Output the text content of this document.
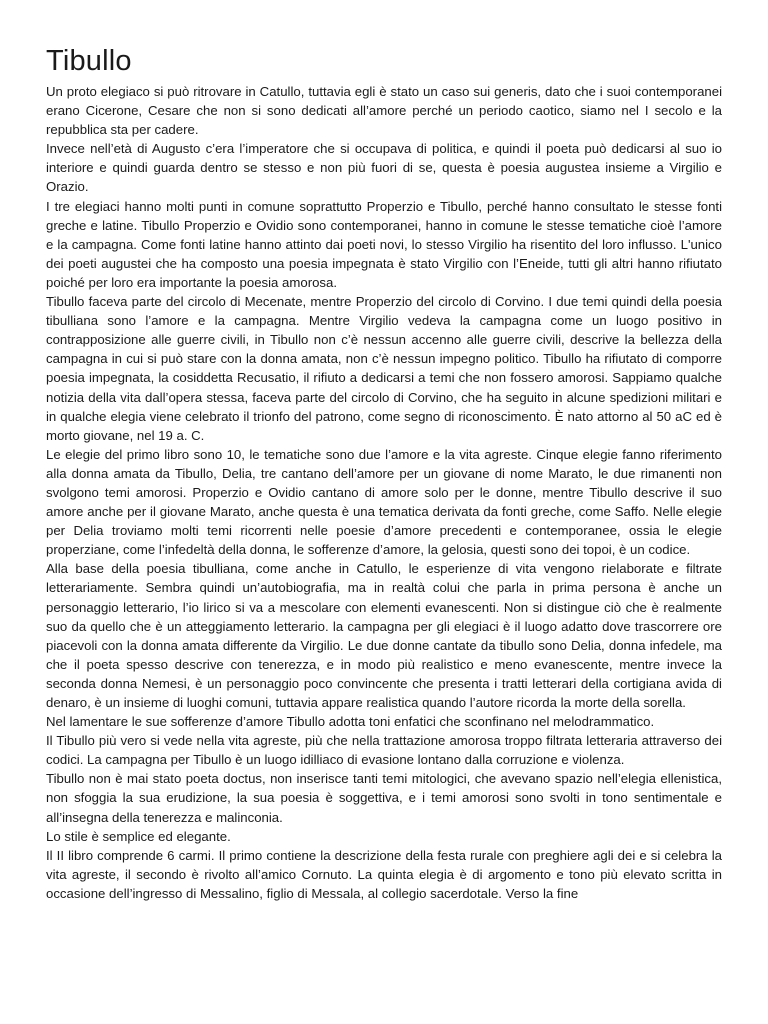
Tibullo

Un proto elegiaco si può ritrovare in Catullo, tuttavia egli è stato un caso sui generis, dato che i suoi contemporanei erano Cicerone, Cesare che non si sono dedicati all’amore perché un periodo caotico, siamo nel I secolo e la repubblica sta per cadere.

Invece nell’età di Augusto c’era l’imperatore che si occupava di politica, e quindi il poeta può dedicarsi al suo io interiore e quindi guarda dentro se stesso e non più fuori di se, questa è poesia augustea insieme a Virgilio e Orazio.

I tre elegiaci hanno molti punti in comune soprattutto Properzio e Tibullo, perché hanno consultato le stesse fonti greche e latine. Tibullo Properzio e Ovidio sono contemporanei, hanno in comune le stesse tematiche cioè l’amore e la campagna. Come fonti latine hanno attinto dai poeti novi, lo stesso Virgilio ha risentito del loro influsso. L'unico dei poeti augustei che ha composto una poesia impegnata è stato Virgilio con l’Eneide, tutti gli altri hanno rifiutato poiché per loro era importante la poesia amorosa.

Tibullo faceva parte del circolo di Mecenate, mentre Properzio del circolo di Corvino. I due temi quindi della poesia tibulliana sono l’amore e la campagna. Mentre Virgilio vedeva la campagna come un luogo positivo in contrapposizione alle guerre civili, in Tibullo non c’è nessun accenno alle guerre civili, descrive la bellezza della campagna in cui si può stare con la donna amata, non c’è nessun impegno politico. Tibullo ha rifiutato di comporre poesia impegnata, la cosiddetta Recusatio, il rifiuto a dedicarsi a temi che non fossero amorosi. Sappiamo qualche notizia della vita dall’opera stessa, faceva parte del circolo di Corvino, che ha seguito in alcune spedizioni militari e in qualche elegia viene celebrato il trionfo del patrono, come segno di riconoscimento. È nato attorno al 50 aC ed è morto giovane, nel 19 a. C.

Le elegie del primo libro sono 10, le tematiche sono due l’amore e la vita agreste. Cinque elegie fanno riferimento alla donna amata da Tibullo, Delia, tre cantano dell’amore per un giovane di nome Marato, le due rimanenti non svolgono temi amorosi. Properzio e Ovidio cantano di amore solo per le donne, mentre Tibullo descrive il suo amore anche per il giovane Marato, anche questa è una tematica derivata da fonti greche, come Saffo. Nelle elegie per Delia troviamo molti temi ricorrenti nelle poesie d’amore precedenti e contemporanee, ossia le elegie properziane, come l’infedeltà della donna, le sofferenze d’amore, la gelosia, questi sono dei topoi, è un codice.

Alla base della poesia tibulliana, come anche in Catullo, le esperienze di vita vengono rielaborate e filtrate letterariamente. Sembra quindi un’autobiografia, ma in realtà colui che parla in prima persona è anche un personaggio letterario, l’io lirico si va a mescolare con elementi evanescenti. Non si distingue ciò che è realmente suo da quello che è un atteggiamento letterario. la campagna per gli elegiaci è il luogo adatto dove trascorrere ore piacevoli con la donna amata differente da Virgilio. Le due donne cantate da tibullo sono Delia, donna infedele, ma che il poeta spesso descrive con tenerezza, e in modo più realistico e meno evanescente, mentre invece la seconda donna Nemesi, è un personaggio poco convincente che presenta i tratti letterari della cortigiana avida di denaro, è un insieme di luoghi comuni, tuttavia appare realistica quando l’autore ricorda la morte della sorella.

Nel lamentare le sue sofferenze d’amore Tibullo adotta toni enfatici che sconfinano nel melodrammatico.

Il Tibullo più vero si vede nella vita agreste, più che nella trattazione amorosa troppo filtrata letteraria attraverso dei codici. La campagna per Tibullo è un luogo idilliaco di evasione lontano dalla corruzione e violenza.

Tibullo non è mai stato poeta doctus, non inserisce tanti temi mitologici, che avevano spazio nell’elegia ellenistica, non sfoggia la sua erudizione, la sua poesia è soggettiva, e i temi amorosi sono svolti in tono sentimentale e all’insegna della tenerezza e malinconia.

Lo stile è semplice ed elegante.

Il II libro comprende 6 carmi. Il primo contiene la descrizione della festa rurale con preghiere agli dei e si celebra la vita agreste, il secondo è rivolto all’amico Cornuto. La quinta elegia è di argomento e tono più elevato scritta in occasione dell’ingresso di Messalino, figlio di Messala, al collegio sacerdotale. Verso la fine
